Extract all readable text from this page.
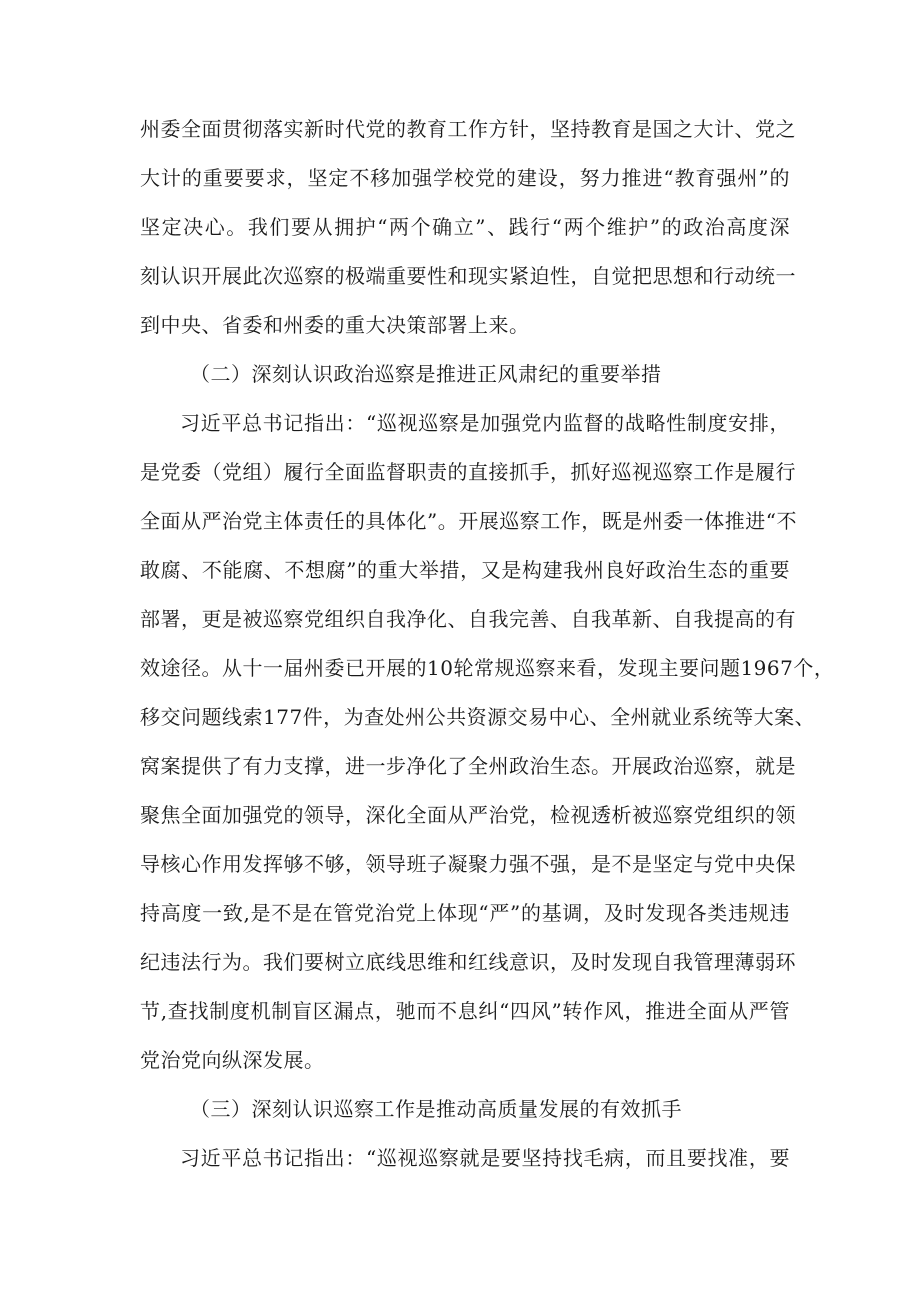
州委全面贯彻落实新时代党的教育工作方针，坚持教育是国之大计、党之
大计的重要要求，坚定不移加强学校党的建设，努力推进“教育强州”的
坚定决心。我们要从拥护“两个确立”、践行“两个维护”的政治高度深
刻认识开展此次巡察的极端重要性和现实紧迫性，自觉把思想和行动统一
到中央、省委和州委的重大决策部署上来。
（二）深刻认识政治巡察是推进正风肃纪的重要举措
习近平总书记指出：“巡视巡察是加强党内监督的战略性制度安排，
是党委（党组）履行全面监督职责的直接抓手，抓好巡视巡察工作是履行
全面从严治党主体责任的具体化”。开展巡察工作，既是州委一体推进“不
敢腐、不能腐、不想腐”的重大举措，又是构建我州良好政治生态的重要
部署，更是被巡察党组织自我净化、自我完善、自我革新、自我提高的有
效途径。从十一届州委已开展的10轮常规巡察来看，发现主要问题1967个，
移交问题线索177件，为查处州公共资源交易中心、全州就业系统等大案、
窝案提供了有力支撑，进一步净化了全州政治生态。开展政治巡察，就是
聚焦全面加强党的领导，深化全面从严治党，检视透析被巡察党组织的领
导核心作用发挥够不够，领导班子凝聚力强不强，是不是坚定与党中央保
持高度一致,是不是在管党治党上体现“严”的基调，及时发现各类违规违
纪违法行为。我们要树立底线思维和红线意识，及时发现自我管理薄弱环
节,查找制度机制盲区漏点，驰而不息纠“四风”转作风，推进全面从严管
党治党向纵深发展。
（三）深刻认识巡察工作是推动高质量发展的有效抓手
习近平总书记指出：“巡视巡察就是要坚持找毛病，而且要找准，要
